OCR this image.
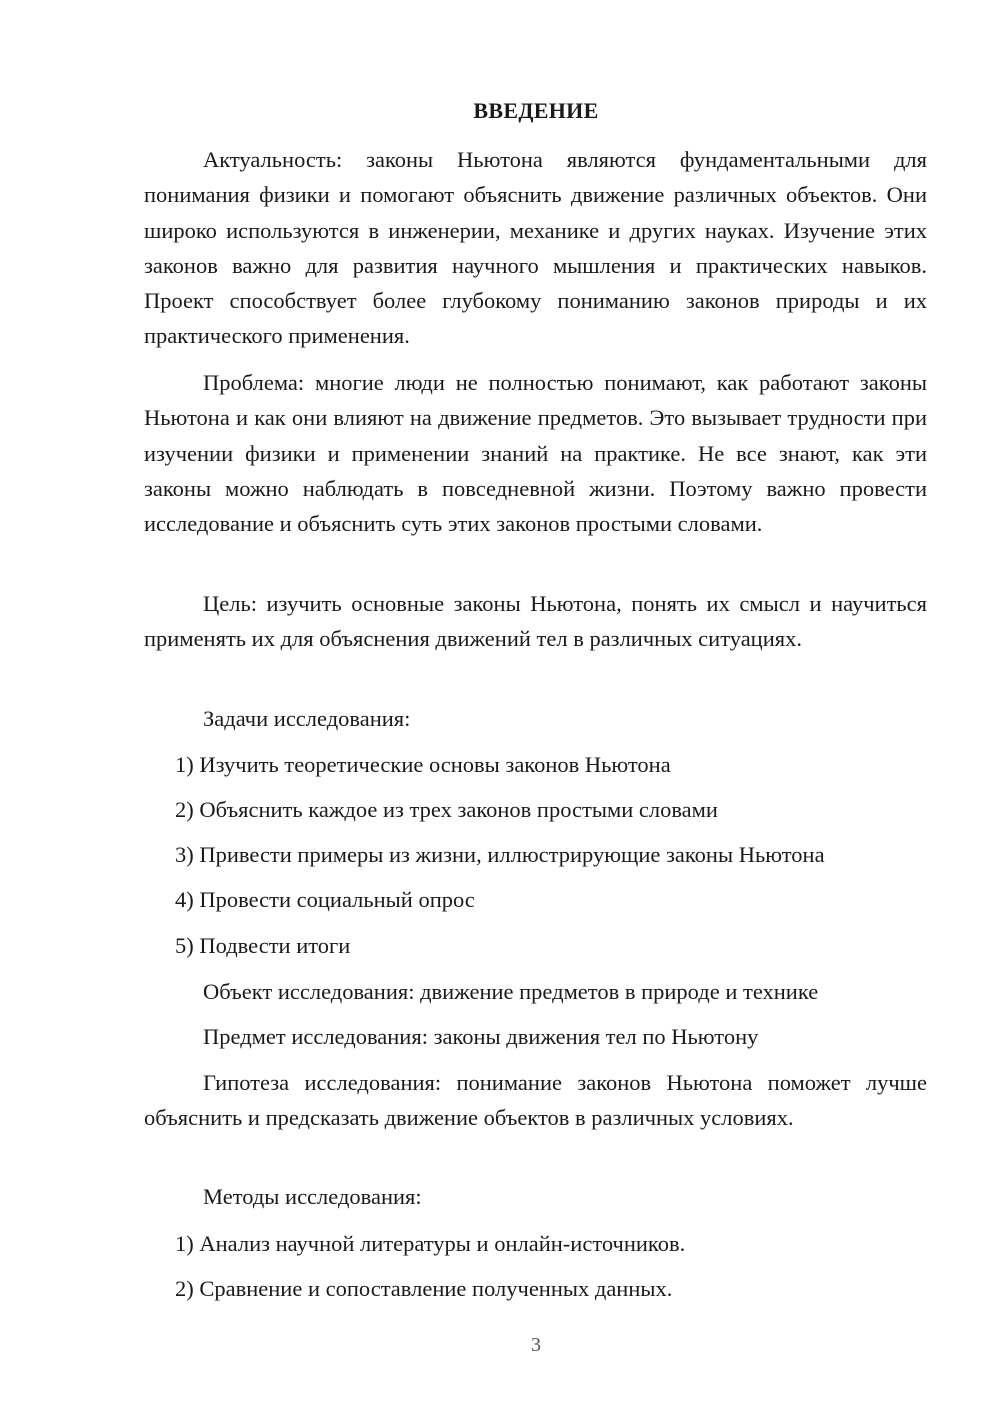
ВВЕДЕНИЕ

Актуальность: законы Ньютона являются фундаментальными для понимания физики и помогают объяснить движение различных объектов. Они широко используются в инженерии, механике и других науках. Изучение этих законов важно для развития научного мышления и практических навыков. Проект способствует более глубокому пониманию законов природы и их практического применения.

Проблема: многие люди не полностью понимают, как работают законы Ньютона и как они влияют на движение предметов. Это вызывает трудности при изучении физики и применении знаний на практике. Не все знают, как эти законы можно наблюдать в повседневной жизни. Поэтому важно провести исследование и объяснить суть этих законов простыми словами.

Цель: изучить основные законы Ньютона, понять их смысл и научиться применять их для объяснения движений тел в различных ситуациях.

Задачи исследования:

1) Изучить теоретические основы законов Ньютона

2) Объяснить каждое из трех законов простыми словами

3) Привести примеры из жизни, иллюстрирующие законы Ньютона

4) Провести социальный опрос

5) Подвести итоги

Объект исследования: движение предметов в природе и технике

Предмет исследования: законы движения тел по Ньютону

Гипотеза исследования: понимание законов Ньютона поможет лучше объяснить и предсказать движение объектов в различных условиях.

Методы исследования:

1) Анализ научной литературы и онлайн-источников.

2) Сравнение и сопоставление полученных данных.

3
